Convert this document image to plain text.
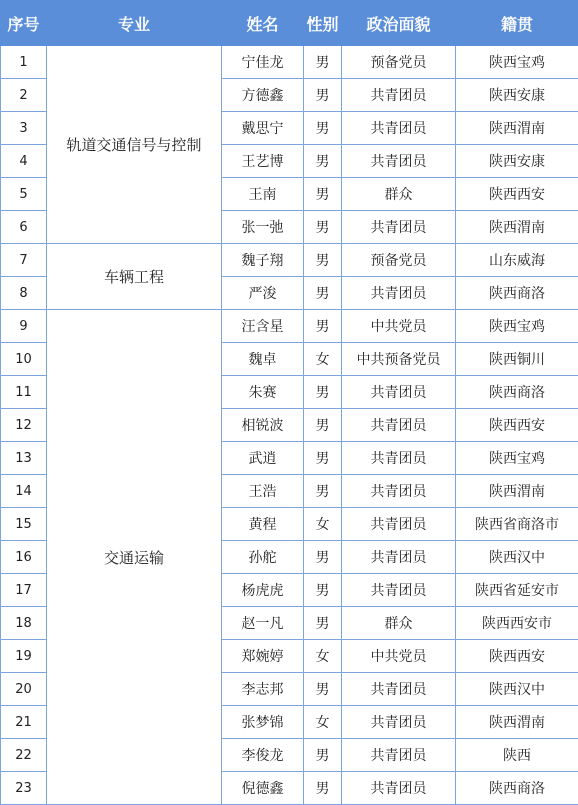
序号	专业	姓名	性别	政治面貌	籍贯
1	轨道交通信号与控制	宁佳龙	男	预备党员	陕西宝鸡
2		方德鑫	男	共青团员	陕西安康
3		戴思宁	男	共青团员	陕西渭南
4		王艺博	男	共青团员	陕西安康
5		王南	男	群众	陕西西安
6		张一弛	男	共青团员	陕西渭南
7	车辆工程	魏子翔	男	预备党员	山东威海
8		严浚	男	共青团员	陕西商洛
9	交通运输	汪含星	男	中共党员	陕西宝鸡
10		魏卓	女	中共预备党员	陕西铜川
11		朱赛	男	共青团员	陕西商洛
12		相锐波	男	共青团员	陕西西安
13		武逍	男	共青团员	陕西宝鸡
14		王浩	男	共青团员	陕西渭南
15		黄程	女	共青团员	陕西省商洛市
16		孙舵	男	共青团员	陕西汉中
17		杨虎虎	男	共青团员	陕西省延安市
18		赵一凡	男	群众	陕西西安市
19		郑婉婷	女	中共党员	陕西西安
20		李志邦	男	共青团员	陕西汉中
21		张梦锦	女	共青团员	陕西渭南
22		李俊龙	男	共青团员	陕西
23		倪德鑫	男	共青团员	陕西商洛
